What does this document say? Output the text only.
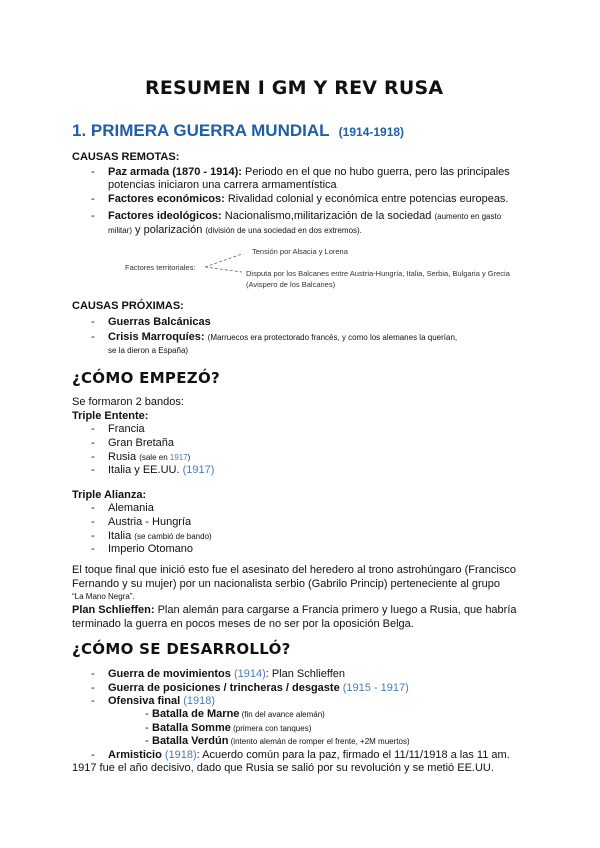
RESUMEN I GM Y REV RUSA
1. PRIMERA GUERRA MUNDIAL (1914-1918)
CAUSAS REMOTAS:
- Paz armada (1870 - 1914): Periodo en el que no hubo guerra, pero las principales
potencias iniciaron una carrera armamentística
- Factores económicos: Rivalidad colonial y económica entre potencias europeas.
- Factores ideológicos: Nacionalismo,militarización de la sociedad (aumento en gasto
militar) y polarización (división de una sociedad en dos extremos).
Factores territoriales:
Tensión por Alsacia y Lorena
Disputa por los Balcanes entre Austria-Hungría, Italia, Serbia, Bulgaria y Grecia
(Avispero de los Balcanes)
CAUSAS PRÓXIMAS:
- Guerras Balcánicas
- Crisis Marroquíes: (Marruecos era protectorado francés, y como los alemanes la querían,
se la dieron a España)
¿CÓMO EMPEZÓ?
Se formaron 2 bandos:
Triple Entente:
- Francia
- Gran Bretaña
- Rusia (sale en 1917)
- Italia y EE.UU. (1917)
Triple Alianza:
- Alemania
- Austria - Hungría
- Italia (se cambió de bando)
- Imperio Otomano
El toque final que inició esto fue el asesinato del heredero al trono astrohúngaro (Francisco
Fernando y su mujer) por un nacionalista serbio (Gabrilo Princip) perteneciente al grupo
“La Mano Negra”.
Plan Schlieffen: Plan alemán para cargarse a Francia primero y luego a Rusia, que habría
terminado la guerra en pocos meses de no ser por la oposición Belga.
¿CÓMO SE DESARROLLÓ?
- Guerra de movimientos (1914): Plan Schlieffen
- Guerra de posiciones / trincheras / desgaste (1915 - 1917)
- Ofensiva final (1918)
- Batalla de Marne (fin del avance alemán)
- Batalla Somme (primera con tanques)
- Batalla Verdún (intento alemán de romper el frente, +2M muertos)
- Armisticio (1918): Acuerdo común para la paz, firmado el 11/11/1918 a las 11 am.
1917 fue el año decisivo, dado que Rusia se salió por su revolución y se metió EE.UU.
